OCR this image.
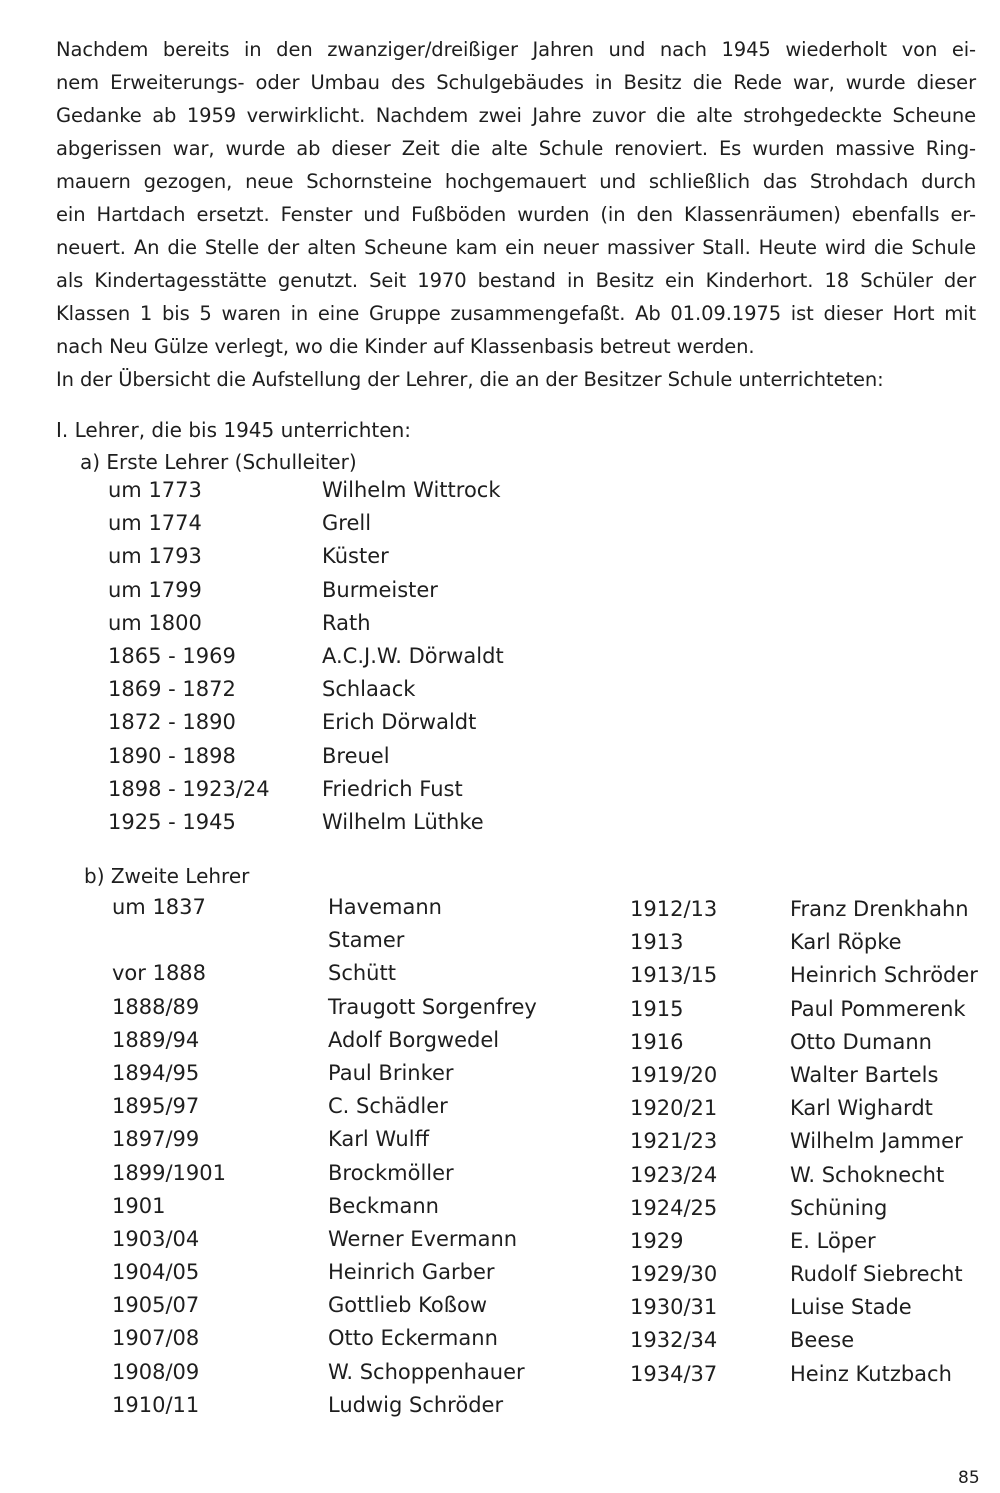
Nachdem bereits in den zwanziger/dreißiger Jahren und nach 1945 wiederholt von ei-

nem Erweiterungs- oder Umbau des Schulgebäudes in Besitz die Rede war, wurde dieser

Gedanke ab 1959 verwirklicht. Nachdem zwei Jahre zuvor die alte strohgedeckte Scheune

abgerissen war, wurde ab dieser Zeit die alte Schule renoviert. Es wurden massive Ring-

mauern gezogen, neue Schornsteine hochgemauert und schließlich das Strohdach durch

ein Hartdach ersetzt. Fenster und Fußböden wurden (in den Klassenräumen) ebenfalls er-

neuert. An die Stelle der alten Scheune kam ein neuer massiver Stall. Heute wird die Schule

als Kindertagesstätte genutzt. Seit 1970 bestand in Besitz ein Kinderhort. 18 Schüler der

Klassen 1 bis 5 waren in eine Gruppe zusammengefaßt. Ab 01.09.1975 ist dieser Hort mit

nach Neu Gülze verlegt, wo die Kinder auf Klassenbasis betreut werden.

In der Übersicht die Aufstellung der Lehrer, die an der Besitzer Schule unterrichteten:

I. Lehrer, die bis 1945 unterrichten:
a) Erste Lehrer (Schulleiter)
um 1773	Wilhelm Wittrock
um 1774	Grell
um 1793	Küster
um 1799	Burmeister
um 1800	Rath
1865 - 1969	A.C.J.W. Dörwaldt
1869 - 1872	Schlaack
1872 - 1890	Erich Dörwaldt
1890 - 1898	Breuel
1898 - 1923/24 Friedrich Fust
1925 - 1945	Wilhelm Lüthke
b) Zweite Lehrer
um 1837	Havemann
Stamer
vor 1888	Schütt
1888/89	Traugott Sorgenfrey
1889/94	Adolf Borgwedel
1894/95	Paul Brinker
1895/97	C. Schädler
1897/99	Karl Wulff
1899/1901	Brockmöller
1901	Beckmann
1903/04	Werner Evermann
1904/05	Heinrich Garber
1905/07	Gottlieb Koßow
1907/08	Otto Eckermann
1908/09	W. Schoppenhauer
1910/11	Ludwig Schröder
1912/13	Franz Drenkhahn
1913	Karl Röpke
1913/15	Heinrich Schröder
1915	Paul Pommerenk
1916	Otto Dumann
1919/20	Walter Bartels
1920/21	Karl Wighardt
1921/23	Wilhelm Jammer
1923/24	W. Schoknecht
1924/25	Schüning
1929	E. Löper
1929/30	Rudolf Siebrecht
1930/31	Luise Stade
1932/34	Beese
1934/37	Heinz Kutzbach
85
